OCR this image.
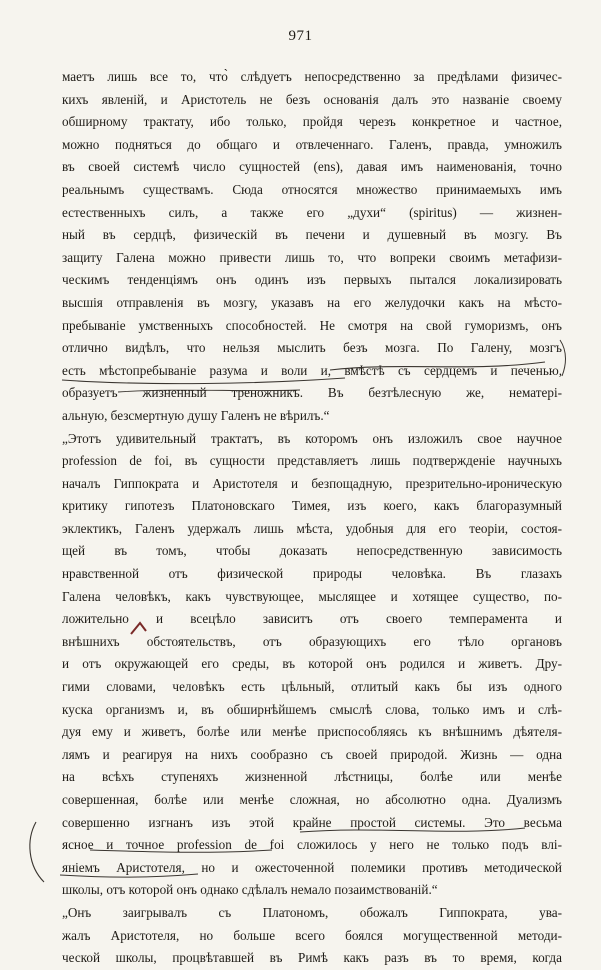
971
маетъ лишь все то, что̀ слѣдуетъ непосредственно за предѣлами физичес-
кихъ явленій, и Аристотель не безъ основанія далъ это названіе своему
обширному трактату, ибо только, пройдя черезъ конкретное и частное,
можно подняться до общаго и отвлеченнаго. Галенъ, правда, умножилъ
въ своей системѣ число сущностей (ens), давая имъ наименованія, точно
реальнымъ существамъ. Сюда относятся множество принимаемыхъ имъ
естественныхъ силъ, а также его „духи“ (spiritus) — жизнен-
ный въ сердцѣ, физическій въ печени и душевный въ мозгу. Въ
защиту Галена можно привести лишь то, что вопреки своимъ метафизи-
ческимъ тенденціямъ онъ одинъ изъ первыхъ пытался локализировать
высшія отправленія въ мозгу, указавъ на его желудочки какъ на мѣсто-
пребываніе умственныхъ способностей. Не смотря на свой гуморизмъ, онъ
отлично видѣлъ, что нельзя мыслить безъ мозга. По Галену, мозгъ
есть мѣстопребываніе разума и воли и, вмѣстѣ съ сердцемъ и печенью,
образуетъ жизненный треножникъ. Въ безтѣлесную же, нематері-
альную, безсмертную душу Галенъ не вѣрилъ.“
„Этотъ удивительный трактатъ, въ которомъ онъ изложилъ свое научное
profession de foi, въ сущности представляетъ лишь подтвержденіе научныхъ
началъ Гиппократа и Аристотеля и безпощадную, презрительно-ироническую
критику гипотезъ Платоновскаго Тимея, изъ коего, какъ благоразумный
эклектикъ, Галенъ удержалъ лишь мѣста, удобныя для его теоріи, состоя-
щей въ томъ, чтобы доказать непосредственную зависимость
нравственной отъ физической природы человѣка. Въ глазахъ
Галена человѣкъ, какъ чувствующее, мыслящее и хотящее существо, по-
ложительно и всецѣло зависитъ отъ своего темперамента и
внѣшнихъ обстоятельствъ, отъ образующихъ его тѣло органовъ
и отъ окружающей его среды, въ которой онъ родился и живетъ. Дру-
гими словами, человѣкъ есть цѣльный, отлитый какъ бы изъ одного
куска организмъ и, въ обширнѣйшемъ смыслѣ слова, только имъ и слѣ-
дуя ему и живетъ, болѣе или менѣе приспособляясь къ внѣшнимъ дѣятеля-
лямъ и реагируя на нихъ сообразно съ своей природой. Жизнь — одна
на всѣхъ ступеняхъ жизненной лѣстницы, болѣе или менѣе
совершенная, болѣе или менѣе сложная, но абсолютно одна. Дуализмъ
совершенно изгнанъ изъ этой крайне простой системы. Это весьма
ясное и точное profession de foi сложилось у него не только подъ влі-
яніемъ Аристотеля, но и ожесточенной полемики противъ методической
школы, отъ которой онъ однако сдѣлалъ немало позаимствованій.“
„Онъ заигрывалъ съ Платономъ, обожалъ Гиппократа, ува-
жалъ Аристотеля, но больше всего боялся могущественной методи-
ческой школы, процвѣтавшей въ Римѣ какъ разъ въ то время, когда
